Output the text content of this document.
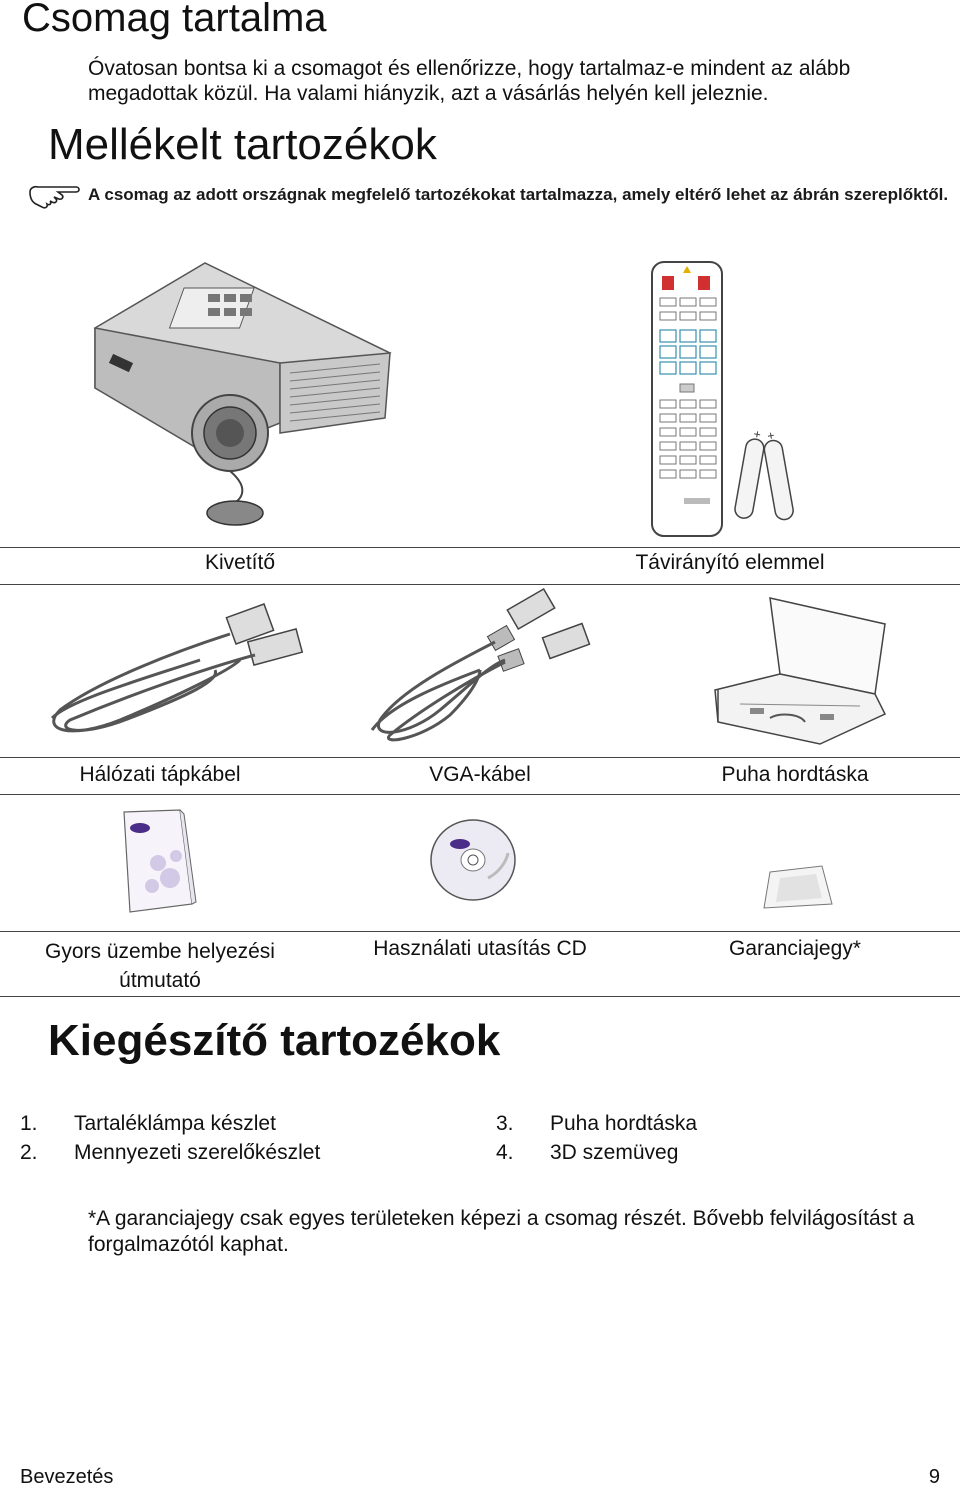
Csomag tartalma
Óvatosan bontsa ki a csomagot és ellenőrizze, hogy tartalmaz-e mindent az alább megadottak közül. Ha valami hiányzik, azt a vásárlás helyén kell jeleznie.
Mellékelt tartozékok
A csomag az adott országnak megfelelő tartozékokat tartalmazza, amely eltérő lehet az ábrán szereplőktől.
Kivetítő	Távirányító elemmel
Hálózati tápkábel	VGA-kábel	Puha hordtáska
Gyors üzembe helyezési
útmutató
Használati utasítás CD	Garanciajegy*
Kiegészítő tartozékok
1. Tartaléklámpa készlet
2. Mennyezeti szerelőkészlet
3. Puha hordtáska
4. 3D szemüveg
*A garanciajegy csak egyes területeken képezi a csomag részét. Bővebb felvilágosítást a forgalmazótól kaphat.
Bevezetés	9
